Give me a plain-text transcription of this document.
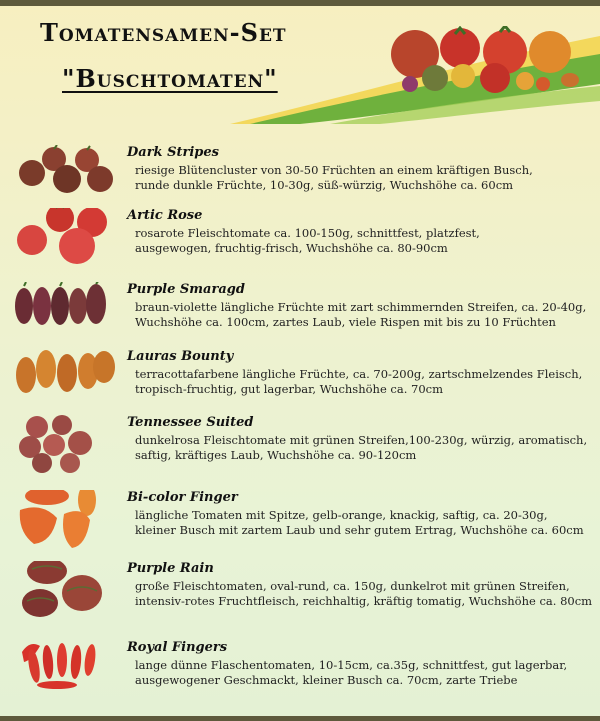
Tomatensamen-Set
"Buschtomaten"
Dark Stripes
riesige Blütencluster von 30-50 Früchten an einem kräftigen Busch,
runde dunkle Früchte, 10-30g, süß-würzig, Wuchshöhe ca. 60cm
Artic Rose
rosarote Fleischtomate ca. 100-150g, schnittfest, platzfest,
ausgewogen, fruchtig-frisch, Wuchshöhe ca. 80-90cm
Purple Smaragd
braun-violette längliche Früchte mit zart schimmernden Streifen, ca. 20-40g,
Wuchshöhe ca. 100cm, zartes Laub, viele Rispen mit bis zu 10 Früchten
Lauras Bounty
terracottafarbene längliche Früchte, ca. 70-200g, zartschmelzendes Fleisch,
tropisch-fruchtig, gut lagerbar, Wuchshöhe ca. 70cm
Tennessee Suited
dunkelrosa Fleischtomate mit grünen Streifen,100-230g, würzig, aromatisch,
saftig, kräftiges Laub, Wuchshöhe ca. 90-120cm
Bi-color Finger
längliche Tomaten mit Spitze, gelb-orange, knackig, saftig, ca. 20-30g,
kleiner Busch mit zartem Laub und sehr gutem Ertrag, Wuchshöhe ca. 60cm
Purple Rain
große Fleischtomaten, oval-rund, ca. 150g, dunkelrot mit grünen Streifen,
intensiv-rotes Fruchtfleisch, reichhaltig, kräftig tomatig, Wuchshöhe ca. 80cm
Royal Fingers
lange dünne Flaschentomaten, 10-15cm, ca.35g, schnittfest, gut lagerbar,
ausgewogener Geschmackt, kleiner Busch ca. 70cm, zarte Triebe
